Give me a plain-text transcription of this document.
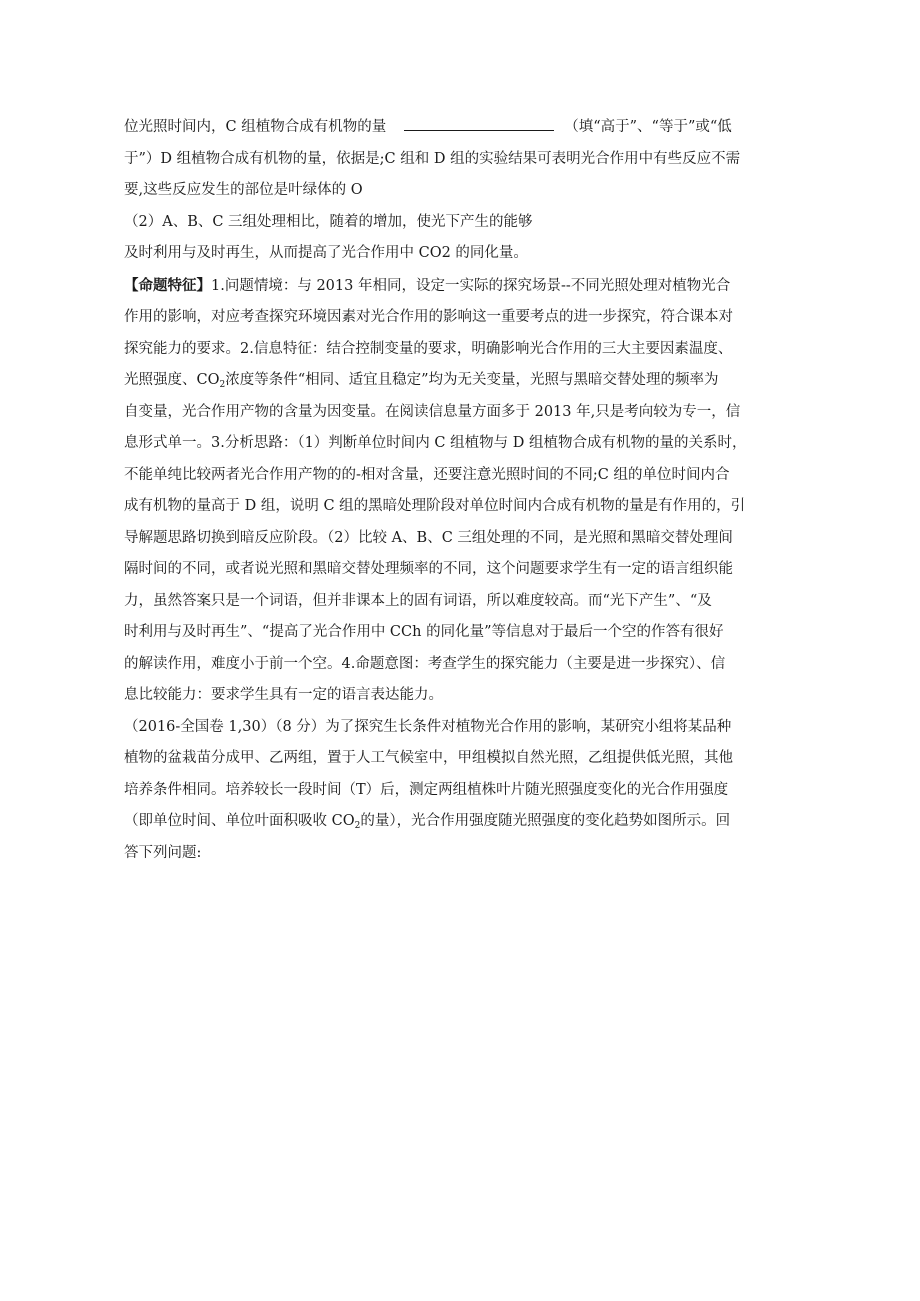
位光照时间内，C 组植物合成有机物的量	（填“高于”、“等于”或“低
于”）D 组植物合成有机物的量，依据是;C 组和 D 组的实验结果可表明光合作用中有些反应不需
要,这些反应发生的部位是叶绿体的 O
（2）A、B、C 三组处理相比，随着的增加，使光下产生的能够
及时利用与及时再生，从而提高了光合作用中 CO2 的同化量。
【命题特征】1.问题情境：与 2013 年相同，设定一实际的探究场景--不同光照处理对植物光合
作用的影响，对应考查探究环境因素对光合作用的影响这一重要考点的进一步探究，符合课本对
探究能力的要求。2.信息特征：结合控制变量的要求，明确影响光合作用的三大主要因素温度、
光照强度、$CO_2$浓度等条件“相同、适宜且稳定”均为无关变量，光照与黑暗交替处理的频率为
自变量，光合作用产物的含量为因变量。在阅读信息量方面多于 2013 年,只是考向较为专一，信
息形式单一。3.分析思路：（1）判断单位时间内 C 组植物与 D 组植物合成有机物的量的关系时，
不能单纯比较两者光合作用产物的的-相对含量，还要注意光照时间的不同;C 组的单位时间内合
成有机物的量高于 D 组，说明 C 组的黑暗处理阶段对单位时间内合成有机物的量是有作用的，引
导解题思路切换到暗反应阶段。（2）比较 A、B、C 三组处理的不同，是光照和黑暗交替处理间
隔时间的不同，或者说光照和黑暗交替处理频率的不同，这个问题要求学生有一定的语言组织能
力，虽然答案只是一个词语，但并非课本上的固有词语，所以难度较高。而“光下产生”、“及
时利用与及时再生”、“提高了光合作用中 CCh 的同化量”等信息对于最后一个空的作答有很好
的解读作用，难度小于前一个空。4.命题意图：考查学生的探究能力（主要是进一步探究）、信
息比较能力：要求学生具有一定的语言表达能力。
（2016-全国卷 1,30）（8 分）为了探究生长条件对植物光合作用的影响，某研究小组将某品种
植物的盆栽苗分成甲、乙两组，置于人工气候室中，甲组模拟自然光照，乙组提供低光照，其他
培养条件相同。培养较长一段时间（T）后，测定两组植株叶片随光照强度变化的光合作用强度
（即单位时间、单位叶面积吸收 $CO_2$的量），光合作用强度随光照强度的变化趋势如图所示。回
答下列问题:
